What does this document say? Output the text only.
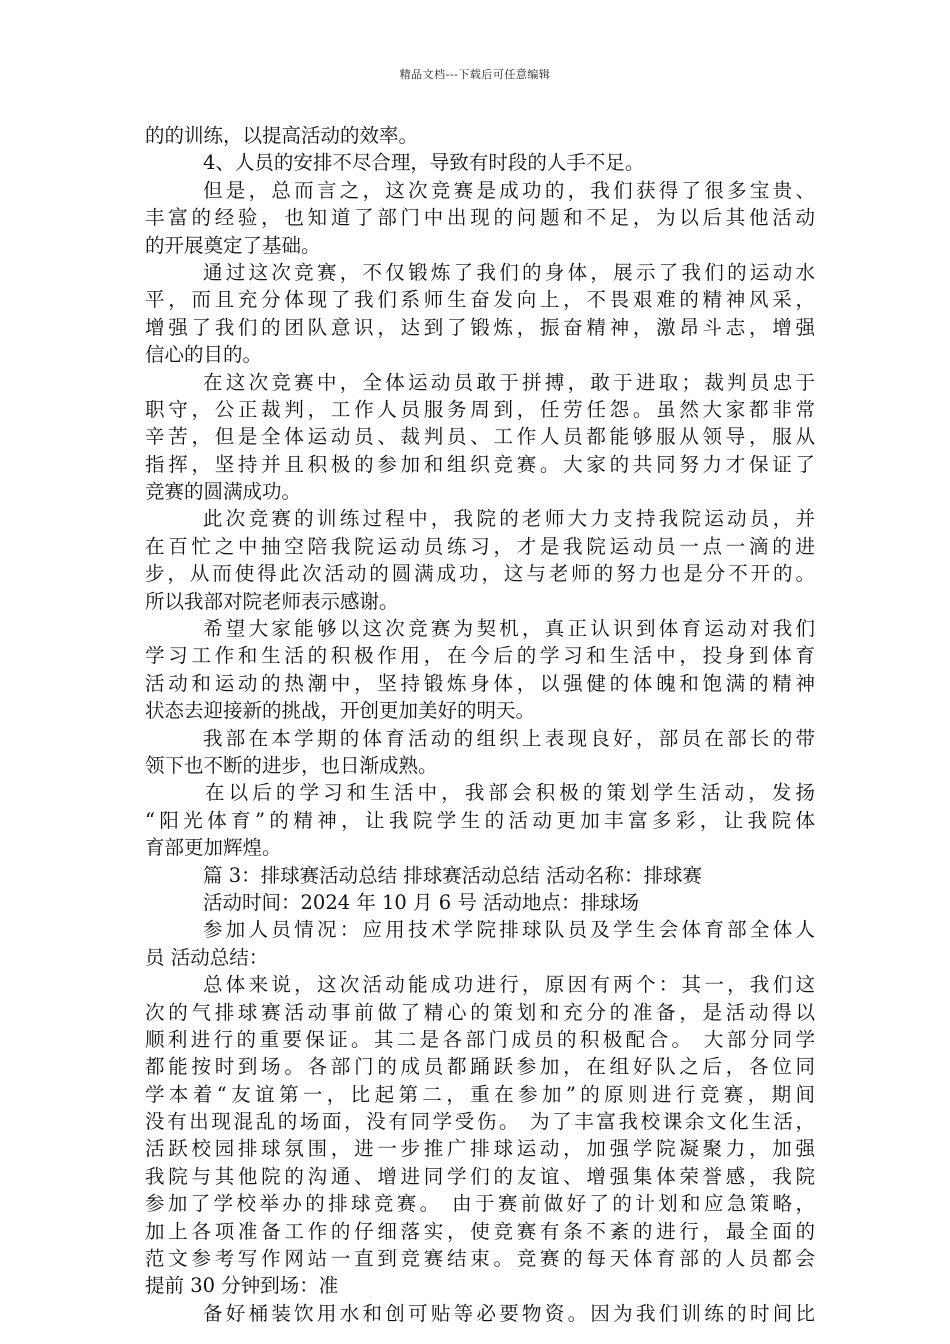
精品文档---下载后可任意编辑
的的训练，以提高活动的效率。
4、人员的安排不尽合理，导致有时段的人手不足。
但是，总而言之，这次竞赛是成功的，我们获得了很多宝贵、
丰富的经验，也知道了部门中出现的问题和不足，为以后其他活动
的开展奠定了基础。
通过这次竞赛，不仅锻炼了我们的身体，展示了我们的运动水
平，而且充分体现了我们系师生奋发向上，不畏艰难的精神风采，
增强了我们的团队意识，达到了锻炼，振奋精神，激昂斗志，增强
信心的目的。
在这次竞赛中，全体运动员敢于拼搏，敢于进取；裁判员忠于
职守，公正裁判，工作人员服务周到，任劳任怨。虽然大家都非常
辛苦，但是全体运动员、裁判员、工作人员都能够服从领导，服从
指挥，坚持并且积极的参加和组织竞赛。大家的共同努力才保证了
竞赛的圆满成功。
此次竞赛的训练过程中，我院的老师大力支持我院运动员，并
在百忙之中抽空陪我院运动员练习，才是我院运动员一点一滴的进
步，从而使得此次活动的圆满成功，这与老师的努力也是分不开的。
所以我部对院老师表示感谢。
希望大家能够以这次竞赛为契机，真正认识到体育运动对我们
学习工作和生活的积极作用，在今后的学习和生活中，投身到体育
活动和运动的热潮中，坚持锻炼身体，以强健的体魄和饱满的精神
状态去迎接新的挑战，开创更加美好的明天。
我部在本学期的体育活动的组织上表现良好，部员在部长的带
领下也不断的进步，也日渐成熟。
在以后的学习和生活中，我部会积极的策划学生活动，发扬
“阳光体育”的精神，让我院学生的活动更加丰富多彩，让我院体
育部更加辉煌。
篇 3：排球赛活动总结 排球赛活动总结 活动名称：排球赛
活动时间：2024 年 10 月 6 号 活动地点：排球场
参加人员情况：应用技术学院排球队员及学生会体育部全体人
员 活动总结：
总体来说，这次活动能成功进行，原因有两个：其一，我们这
次的气排球赛活动事前做了精心的策划和充分的准备，是活动得以
顺利进行的重要保证。其二是各部门成员的积极配合。 大部分同学
都能按时到场。各部门的成员都踊跃参加，在组好队之后，各位同
学本着“友谊第一，比起第二，重在参加”的原则进行竞赛，期间
没有出现混乱的场面，没有同学受伤。 为了丰富我校课余文化生活，
活跃校园排球氛围，进一步推广排球运动，加强学院凝聚力，加强
我院与其他院的沟通、增进同学们的友谊、增强集体荣誉感，我院
参加了学校举办的排球竞赛。 由于赛前做好了的计划和应急策略，
加上各项准备工作的仔细落实，使竞赛有条不紊的进行，最全面的
范文参考写作网站一直到竞赛结束。竞赛的每天体育部的人员都会
提前 30 分钟到场：准
备好桶装饮用水和创可贴等必要物资。因为我们训练的时间比
